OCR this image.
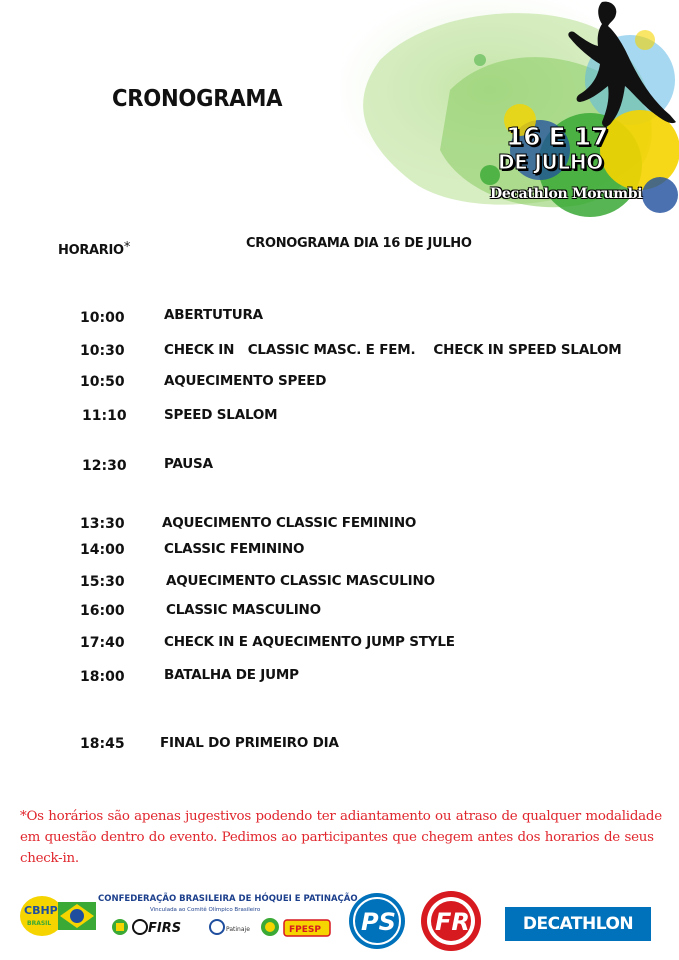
16 E 17
DE JULHO
Decathlon Morumbi
CRONOGRAMA
HORARIO*	CRONOGRAMA DIA 16 DE JULHO
10:00	ABERTUTURA
10:30	CHECK IN   CLASSIC MASC. E FEM.    CHECK IN SPEED SLALOM
10:50	AQUECIMENTO SPEED
11:10	SPEED SLALOM
12:30	PAUSA
13:30	AQUECIMENTO CLASSIC FEMININO
14:00	CLASSIC FEMININO
15:30	AQUECIMENTO CLASSIC MASCULINO
16:00	CLASSIC MASCULINO
17:40	CHECK IN E AQUECIMENTO JUMP STYLE
18:00	BATALHA DE JUMP
18:45	FINAL DO PRIMEIRO DIA
*Os horários são apenas jugestivos podendo ter adiantamento ou atraso de qualquer modalidade em questão dentro do evento. Pedimos ao participantes que chegem antes dos horarios de seus check-in.
CBHP
BRASIL
CONFEDERAÇÃO BRASILEIRA DE HÓQUEI E PATINAÇÃO
Vinculada ao Comitê Olímpico Brasileiro
FIRS	Patinaje	FPESP PS FR	DECATHLON
